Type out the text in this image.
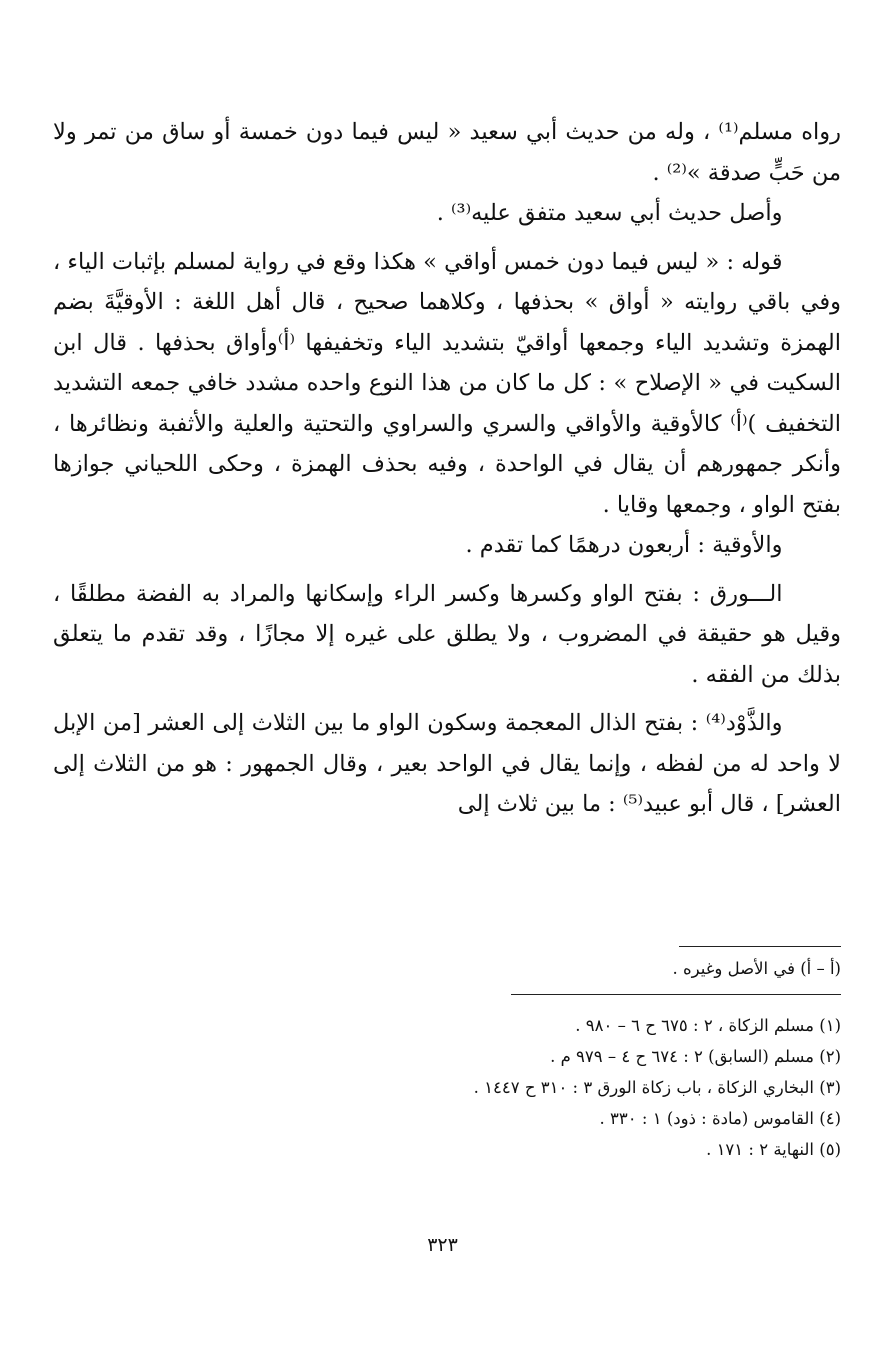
رواه مسلم⁽¹⁾ ، وله من حديث أبي سعيد « ليس فيما دون خمسة أو ساق من تمر ولا من حَبٍّ صدقة »⁽²⁾ .

وأصل حديث أبي سعيد متفق عليه⁽³⁾ .

قوله : « ليس فيما دون خمس أواقي » هكذا وقع في رواية لمسلم بإثبات الياء ، وفي باقي روايته « أواق » بحذفها ، وكلاهما صحيح ، قال أهل اللغة : الأوقيَّةَ بضم الهمزة وتشديد الياء وجمعها أواقيّ بتشديد الياء وتخفيفها ⁽أ⁾وأواق بحذفها . قال ابن السكيت في « الإصلاح » : كل ما كان من هذا النوع واحده مشدد خافي جمعه التشديد التخفيف )⁽أ⁾ كالأوقية والأواقي والسري والسراوي والتحتية والعلية والأثفبة ونظائرها ، وأنكر جمهورهم أن يقال في الواحدة ، وفيه بحذف الهمزة ، وحكى اللحياني جوازها بفتح الواو ، وجمعها وقايا .

والأوقية : أربعون درهمًا كما تقدم .

الـــورق : بفتح الواو وكسرها وكسر الراء وإسكانها والمراد به الفضة مطلقًا ، وقيل هو حقيقة في المضروب ، ولا يطلق على غيره إلا مجازًا ، وقد تقدم ما يتعلق بذلك من الفقه .

والذَّوْد⁽⁴⁾ : بفتح الذال المعجمة وسكون الواو ما بين الثلاث إلى العشر [من الإبل لا واحد له من لفظه ، وإنما يقال في الواحد بعير ، وقال الجمهور : هو من الثلاث إلى العشر] ، قال أبو عبيد⁽⁵⁾ : ما بين ثلاث إلى

(أ – أ) في الأصل وغيره .

(١) مسلم الزكاة ، ٢ : ٦٧٥ ح ٦ – ٩٨٠ .

(٢) مسلم (السابق) ٢ : ٦٧٤ ح ٤ – ٩٧٩ م .

(٣) البخاري الزكاة ، باب زكاة الورق ٣ : ٣١٠ ح ١٤٤٧ .

(٤) القاموس (مادة : ذود) ١ : ٣٣٠ .

(٥) النهاية ٢ : ١٧١ .

٣٢٣
